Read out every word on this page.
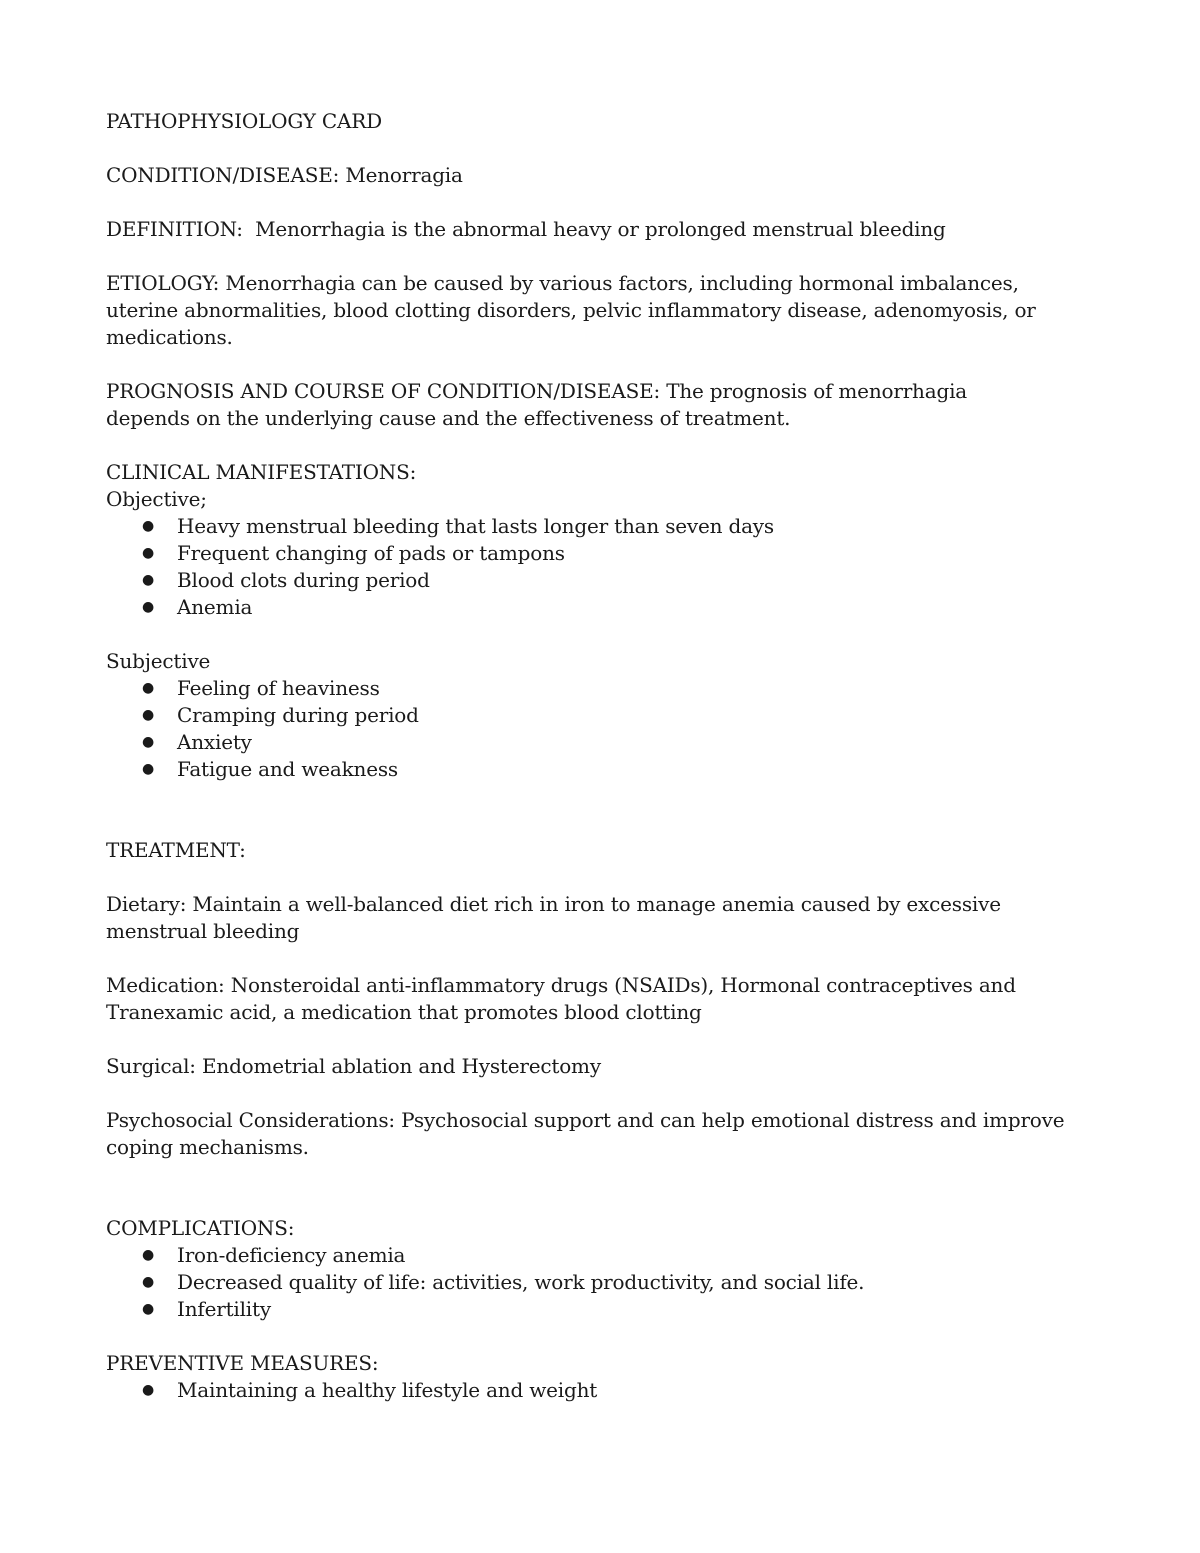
PATHOPHYSIOLOGY CARD

CONDITION/DISEASE: Menorragia

DEFINITION: Menorrhagia is the abnormal heavy or prolonged menstrual bleeding

ETIOLOGY: Menorrhagia can be caused by various factors, including hormonal imbalances,

uterine abnormalities, blood clotting disorders, pelvic inflammatory disease, adenomyosis, or

medications.

PROGNOSIS AND COURSE OF CONDITION/DISEASE: The prognosis of menorrhagia

depends on the underlying cause and the effectiveness of treatment.

CLINICAL MANIFESTATIONS:

Objective;

● Heavy menstrual bleeding that lasts longer than seven days
● Frequent changing of pads or tampons
● Blood clots during period
● Anemia

Subjective

● Feeling of heaviness
● Cramping during period
● Anxiety
● Fatigue and weakness

TREATMENT:

Dietary: Maintain a well-balanced diet rich in iron to manage anemia caused by excessive

menstrual bleeding

Medication: Nonsteroidal anti-inflammatory drugs (NSAIDs), Hormonal contraceptives and

Tranexamic acid, a medication that promotes blood clotting

Surgical: Endometrial ablation and Hysterectomy

Psychosocial Considerations: Psychosocial support and can help emotional distress and improve

coping mechanisms.

COMPLICATIONS:

● Iron-deficiency anemia
● Decreased quality of life: activities, work productivity, and social life.
● Infertility

PREVENTIVE MEASURES:

● Maintaining a healthy lifestyle and weight
